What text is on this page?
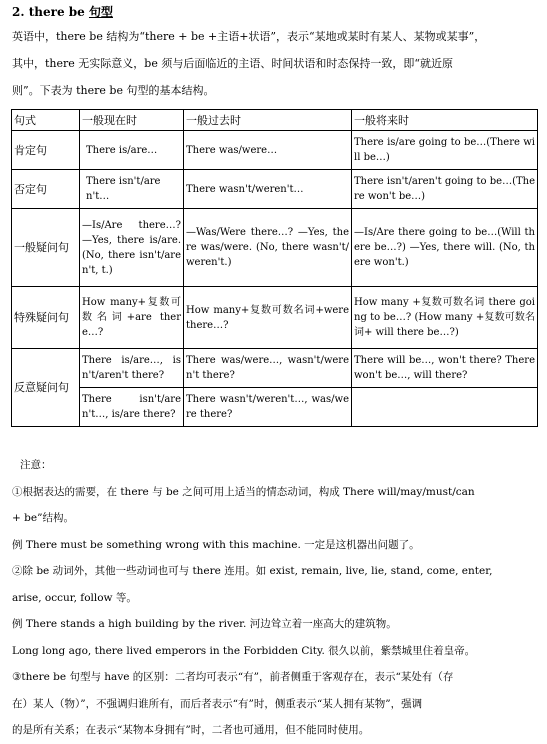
2. there be 句型
英语中，there be 结构为“there + be +主语+状语”，表示“某地或某时有某人、某物或某事”，
其中，there 无实际意义，be 须与后面临近的主语、时间状语和时态保持一致，即“就近原
则”。下表为 there be 句型的基本结构。
句式	一般现在时	一般过去时	一般将来时
肯定句	There is/are…	There was/were…	There is/are going to be…(There will be…)
否定句	There isn't/aren't…	There wasn't/weren't…	There isn't/aren't going to be…(There won't be…)
一般疑问句	—Is/Are there…? —Yes, there is/are. (No, there isn't/aren't, t.)	—Was/Were there…? —Yes, there was/were. (No, there wasn't/ weren't.)	—Is/Are there going to be…(Will there be…?) —Yes, there will. (No, there won't.)
特殊疑问句	How many+复数可数名词+are there…?	How many+复数可数名词+were there…?	How many +复数可数名词 there going to be…? (How many +复数可数名词+ will there be…?)
反意疑问句	There is/are…, isn't/aren't there?	There was/were…, wasn't/weren't there?	There will be…, won't there? There won't be…, will there?
	There isn't/aren't…, is/are there?	There wasn't/weren't…, was/were there?	

注意：

①根据表达的需要，在 there 与 be 之间可用上适当的情态动词，构成 There will/may/must/can

+ be”结构。

例 There must be something wrong with this machine. 一定是这机器出问题了。

②除 be 动词外，其他一些动词也可与 there 连用。如 exist, remain, live, lie, stand, come, enter,

arise, occur, follow 等。

例 There stands a high building by the river. 河边耸立着一座高大的建筑物。

Long long ago, there lived emperors in the Forbidden City. 很久以前，紫禁城里住着皇帝。

③there be 句型与 have 的区别：二者均可表示“有”，前者侧重于客观存在，表示“某处有（存

在）某人（物）”，不强调归谁所有，而后者表示“有”时，侧重表示“某人拥有某物”，强调

的是所有关系；在表示“某物本身拥有”时，二者也可通用，但不能同时使用。
